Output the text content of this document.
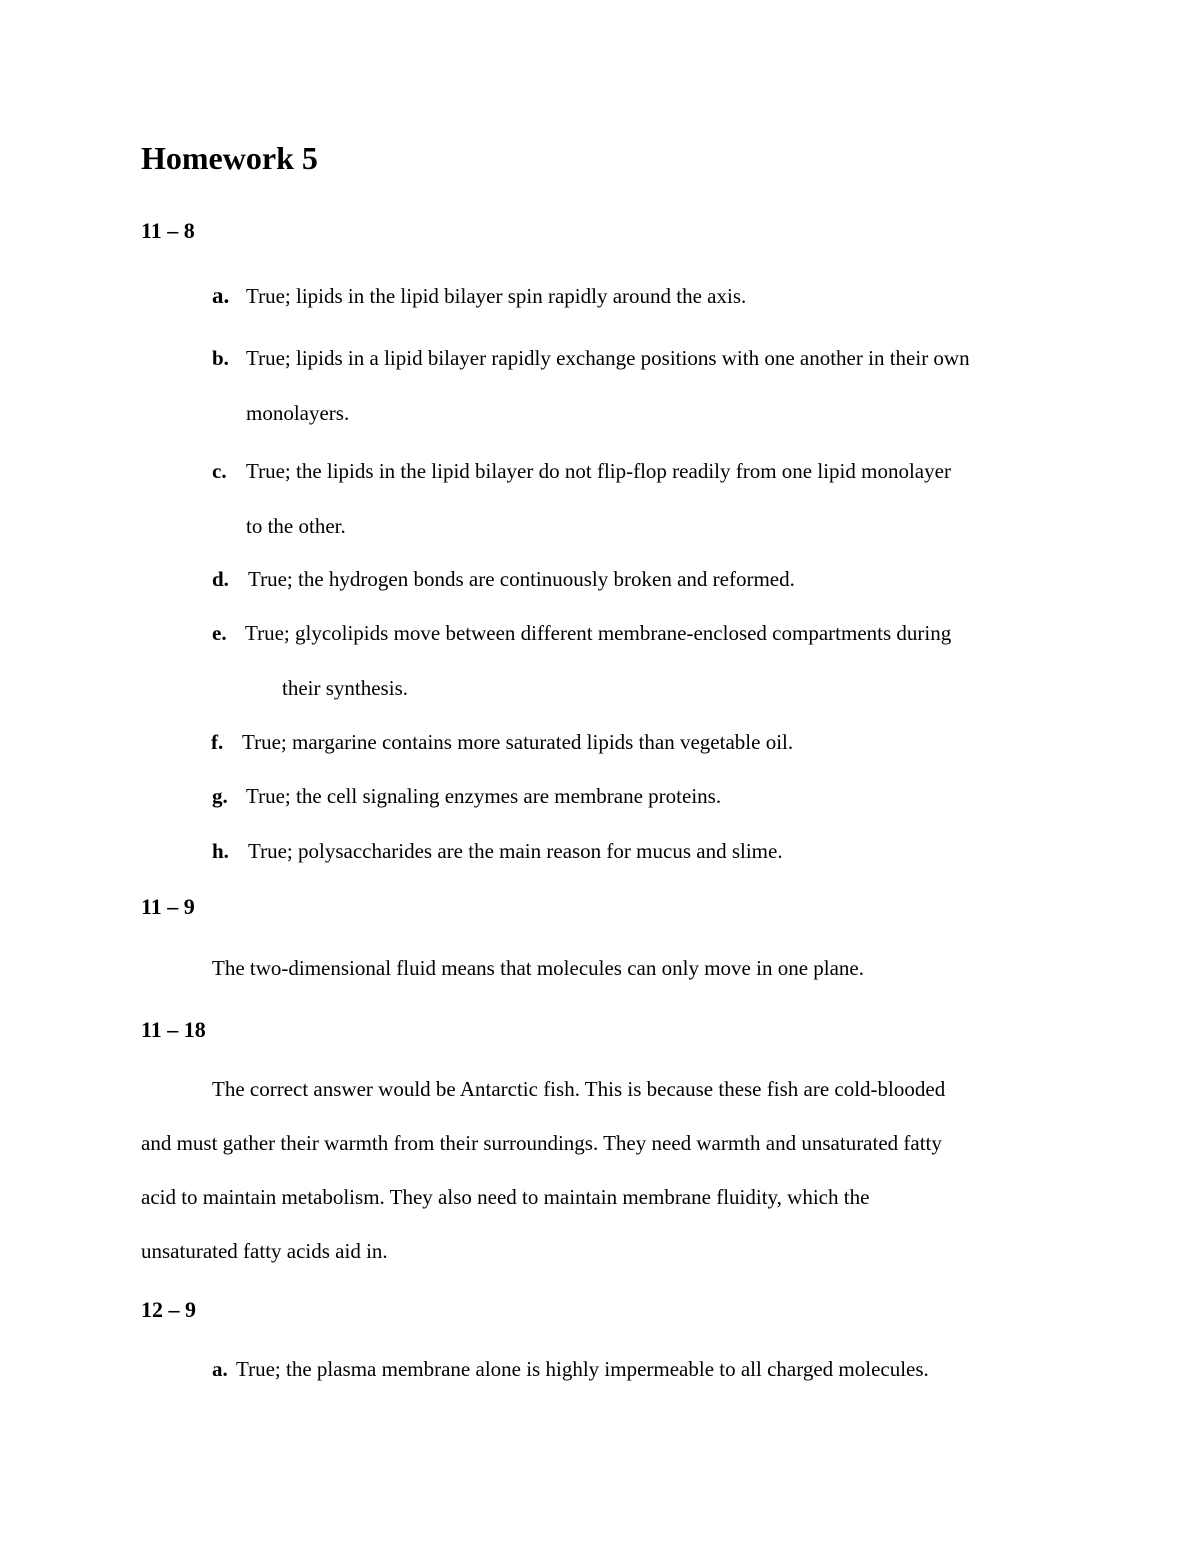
Homework 5
11 – 8
a. True; lipids in the lipid bilayer spin rapidly around the axis.
b. True; lipids in a lipid bilayer rapidly exchange positions with one another in their own
monolayers.
c. True; the lipids in the lipid bilayer do not flip-flop readily from one lipid monolayer
to the other.
d. True; the hydrogen bonds are continuously broken and reformed.
e. True; glycolipids move between different membrane-enclosed compartments during
their synthesis.
f. True; margarine contains more saturated lipids than vegetable oil.
g. True; the cell signaling enzymes are membrane proteins.
h. True; polysaccharides are the main reason for mucus and slime.
11 – 9
The two-dimensional fluid means that molecules can only move in one plane.
11 – 18
The correct answer would be Antarctic fish. This is because these fish are cold-blooded
and must gather their warmth from their surroundings. They need warmth and unsaturated fatty
acid to maintain metabolism. They also need to maintain membrane fluidity, which the
unsaturated fatty acids aid in.
12 – 9
a. True; the plasma membrane alone is highly impermeable to all charged molecules.
